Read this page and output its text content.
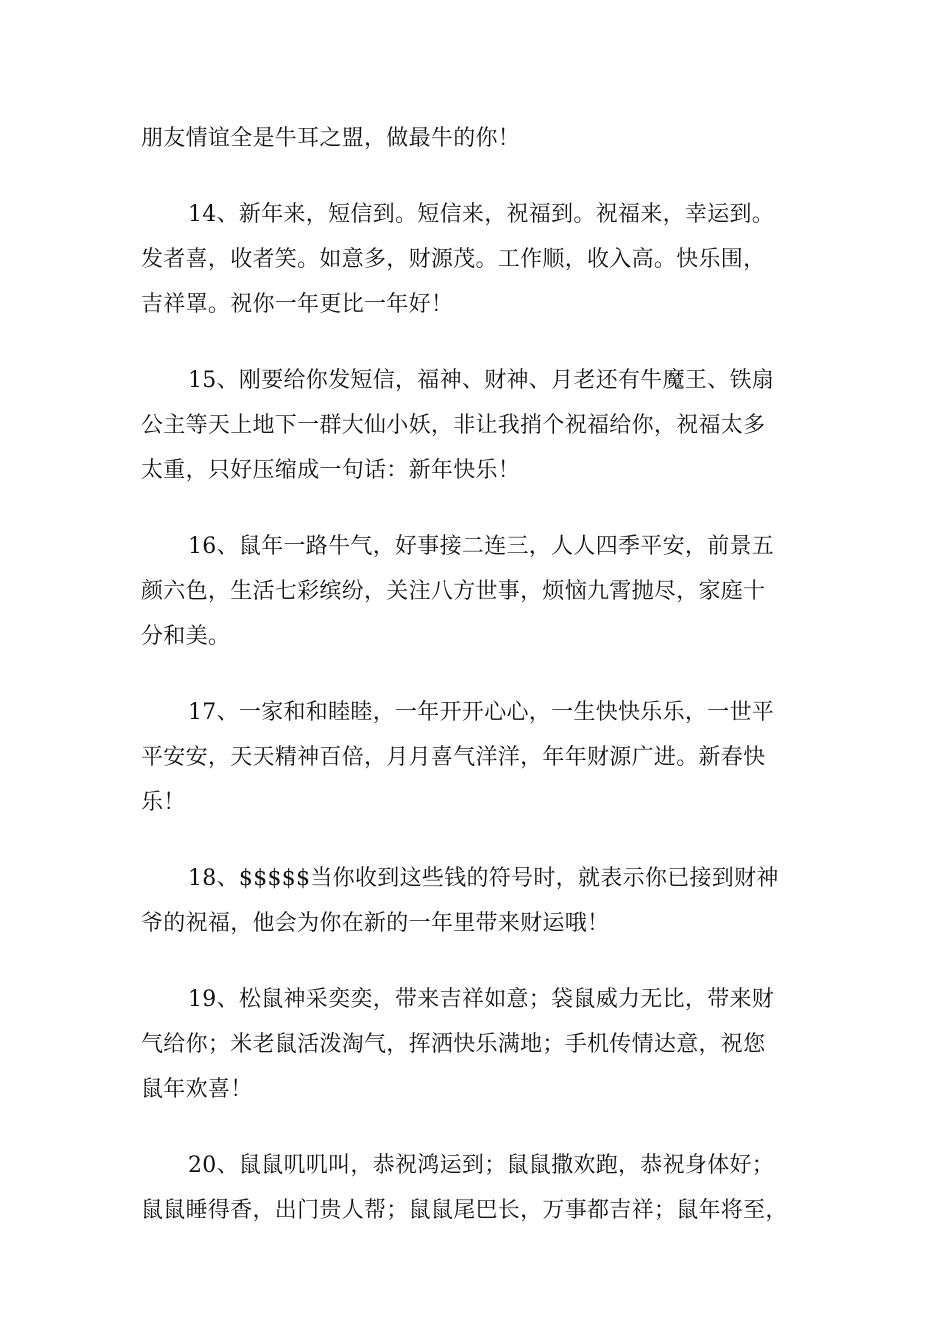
朋友情谊全是牛耳之盟，做最牛的你！
14、新年来，短信到。短信来，祝福到。祝福来，幸运到。
发者喜，收者笑。如意多，财源茂。工作顺，收入高。快乐围，
吉祥罩。祝你一年更比一年好！
15、刚要给你发短信，福神、财神、月老还有牛魔王、铁扇
公主等天上地下一群大仙小妖，非让我捎个祝福给你，祝福太多
太重，只好压缩成一句话：新年快乐！
16、鼠年一路牛气，好事接二连三，人人四季平安，前景五
颜六色，生活七彩缤纷，关注八方世事，烦恼九霄抛尽，家庭十
分和美。
17、一家和和睦睦，一年开开心心，一生快快乐乐，一世平
平安安，天天精神百倍，月月喜气洋洋，年年财源广进。新春快
乐！
18、$$$$$当你收到这些钱的符号时，就表示你已接到财神
爷的祝福，他会为你在新的一年里带来财运哦！
19、松鼠神采奕奕，带来吉祥如意；袋鼠威力无比，带来财
气给你；米老鼠活泼淘气，挥洒快乐满地；手机传情达意，祝您
鼠年欢喜！
20、鼠鼠叽叽叫，恭祝鸿运到；鼠鼠撒欢跑，恭祝身体好；
鼠鼠睡得香，出门贵人帮；鼠鼠尾巴长，万事都吉祥；鼠年将至，
